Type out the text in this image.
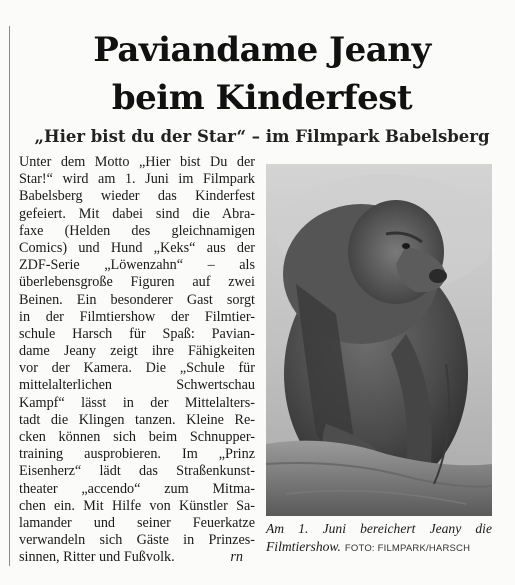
Paviandame Jeany
beim Kinderfest
„Hier bist du der Star“ – im Filmpark Babelsberg
Unter dem Motto „Hier bist Du der
Star!“ wird am 1. Juni im Filmpark
Babelsberg wieder das Kinderfest
gefeiert. Mit dabei sind die Abra-
faxe (Helden des gleichnamigen
Comics) und Hund „Keks“ aus der
ZDF-Serie „Löwenzahn“ – als
überlebensgroße Figuren auf zwei
Beinen. Ein besonderer Gast sorgt
in der Filmtiershow der Filmtier-
schule Harsch für Spaß: Pavian-
dame Jeany zeigt ihre Fähigkeiten
vor der Kamera. Die „Schule für
mittelalterlichen Schwertschau
Kampf“ lässt in der Mittelalters-
tadt die Klingen tanzen. Kleine Re-
cken können sich beim Schnupper-
training ausprobieren. Im „Prinz
Eisenherz“ lädt das Straßenkunst-
theater „accendo“ zum Mitma-
chen ein. Mit Hilfe von Künstler Sa-
lamander und seiner Feuerkatze
verwandeln sich Gäste in Prinzes-
sinnen, Ritter und Fußvolk.	rn
Am 1. Juni bereichert Jeany die
Filmtiershow. FOTO: FILMPARK/HARSCH
